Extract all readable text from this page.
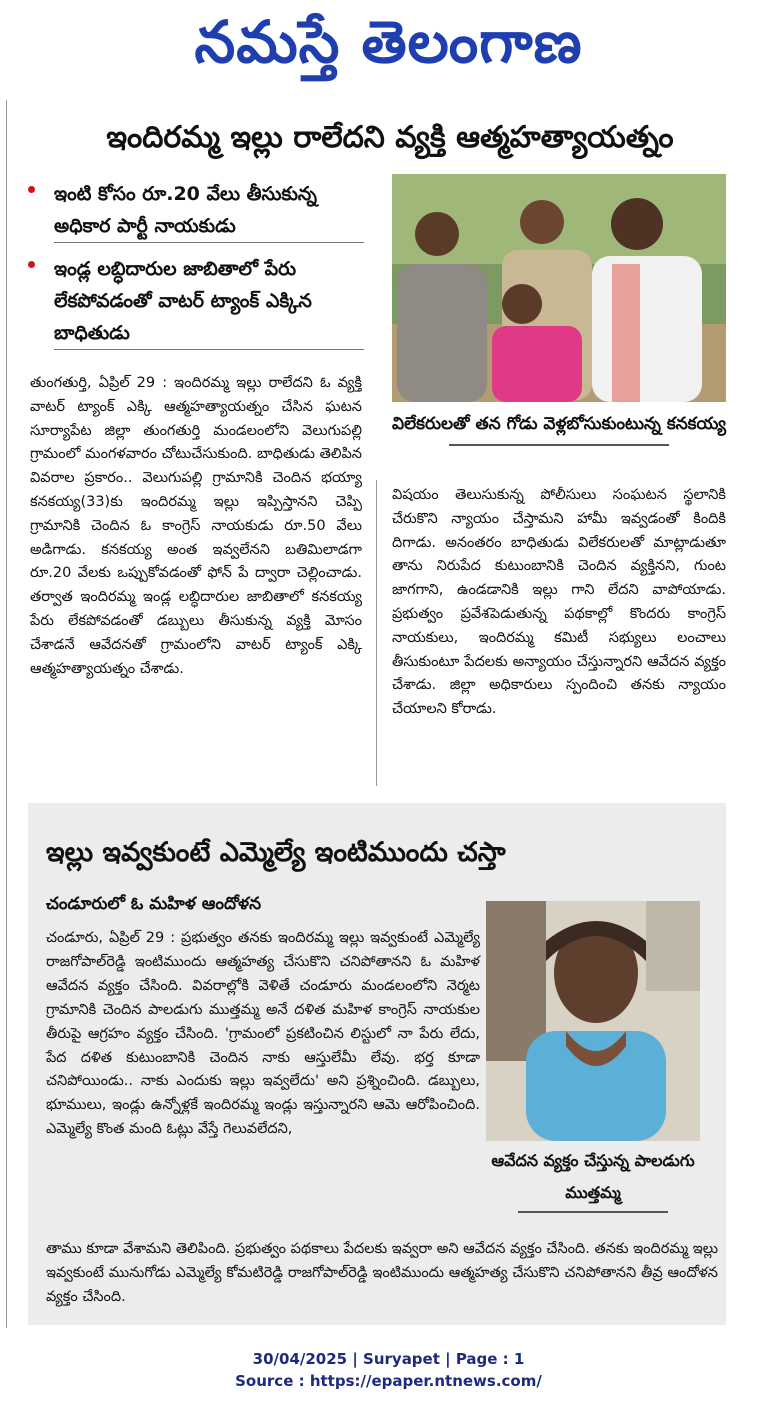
నమస్తే తెలంగాణ
ఇందిరమ్మ ఇల్లు రాలేదని వ్యక్తి ఆత్మహత్యాయత్నం
ఇంటి కోసం రూ.20 వేలు తీసుకున్న అధికార పార్టీ నాయకుడు
ఇండ్ల లబ్ధిదారుల జాబితాలో పేరు లేకపోవడంతో వాటర్ ట్యాంక్ ఎక్కిన బాధితుడు
విలేకరులతో తన గోడు వెళ్లబోసుకుంటున్న కనకయ్య
తుంగతుర్తి, ఏప్రిల్ 29 : ఇందిరమ్మ ఇల్లు రాలేదని ఓ వ్యక్తి వాటర్ ట్యాంక్ ఎక్కి ఆత్మహత్యాయత్నం చేసిన ఘటన సూర్యాపేట జిల్లా తుంగతుర్తి మండలంలోని వెలుగుపల్లి గ్రామంలో మంగళవారం చోటుచేసుకుంది. బాధితుడు తెలిపిన వివరాల ప్రకారం.. వెలుగుపల్లి గ్రామానికి చెందిన భయ్యా కనకయ్య(33)కు ఇందిరమ్మ ఇల్లు ఇప్పిస్తానని చెప్పి గ్రామానికి చెందిన ఓ కాంగ్రెస్ నాయకుడు రూ.50 వేలు అడిగాడు. కనకయ్య అంత ఇవ్వలేనని బతిమిలాడగా రూ.20 వేలకు ఒప్పుకోవడంతో ఫోన్ పే ద్వారా చెల్లించాడు. తర్వాత ఇందిరమ్మ ఇండ్ల లబ్ధిదారుల జాబితాలో కనకయ్య పేరు లేకపోవడంతో డబ్బులు తీసుకున్న వ్యక్తి మోసం చేశాడనే ఆవేదనతో గ్రామంలోని వాటర్ ట్యాంక్ ఎక్కి ఆత్మహత్యాయత్నం చేశాడు.
విషయం తెలుసుకున్న పోలీసులు సంఘటన స్థలానికి చేరుకొని న్యాయం చేస్తామని హామీ ఇవ్వడంతో కిందికి దిగాడు. అనంతరం బాధితుడు విలేకరులతో మాట్లాడుతూ తాను నిరుపేద కుటుంబానికి చెందిన వ్యక్తినని, గుంట జాగగాని, ఉండడానికి ఇల్లు గాని లేదని వాపోయాడు. ప్రభుత్వం ప్రవేశపెడుతున్న పథకాల్లో కొందరు కాంగ్రెస్ నాయకులు, ఇందిరమ్మ కమిటీ సభ్యులు లంచాలు తీసుకుంటూ పేదలకు అన్యాయం చేస్తున్నారని ఆవేదన వ్యక్తం చేశాడు. జిల్లా అధికారులు స్పందించి తనకు న్యాయం చేయాలని కోరాడు.
ఇల్లు ఇవ్వకుంటే ఎమ్మెల్యే ఇంటిముందు చస్తా
చండూరులో ఓ మహిళ ఆందోళన
చండూరు, ఏప్రిల్ 29 : ప్రభుత్వం తనకు ఇందిరమ్మ ఇల్లు ఇవ్వకుంటే ఎమ్మెల్యే రాజగోపాల్‌రెడ్డి ఇంటిముందు ఆత్మహత్య చేసుకొని చనిపోతానని ఓ మహిళ ఆవేదన వ్యక్తం చేసింది. వివరాల్లోకి వెళితే చండూరు మండలంలోని నెర్మట గ్రామానికి చెందిన పాలడుగు ముత్తమ్మ అనే దళిత మహిళ కాంగ్రెస్ నాయకుల తీరుపై ఆగ్రహం వ్యక్తం చేసింది. 'గ్రామంలో ప్రకటించిన లిస్టులో నా పేరు లేదు, పేద దళిత కుటుంబానికి చెందిన నాకు ఆస్తులేమీ లేవు. భర్త కూడా చనిపోయిండు.. నాకు ఎందుకు ఇల్లు ఇవ్వలేదు' అని ప్రశ్నించింది. డబ్బులు, భూములు, ఇండ్లు ఉన్నోళ్లకే ఇందిరమ్మ ఇండ్లు ఇస్తున్నారని ఆమె ఆరోపించింది. ఎమ్మెల్యే కొంత మంది ఓట్లు వేస్తే గెలువలేదని,
ఆవేదన వ్యక్తం చేస్తున్న పాలడుగు ముత్తమ్మ
తాము కూడా వేశామని తెలిపింది. ప్రభుత్వం పథకాలు పేదలకు ఇవ్వరా అని ఆవేదన వ్యక్తం చేసింది. తనకు ఇందిరమ్మ ఇల్లు ఇవ్వకుంటే మునుగోడు ఎమ్మెల్యే కోమటిరెడ్డి రాజగోపాల్‌రెడ్డి ఇంటిముందు ఆత్మహత్య చేసుకొని చనిపోతానని తీవ్ర ఆందోళన వ్యక్తం చేసింది.
30/04/2025 | Suryapet | Page : 1
Source : https://epaper.ntnews.com/
